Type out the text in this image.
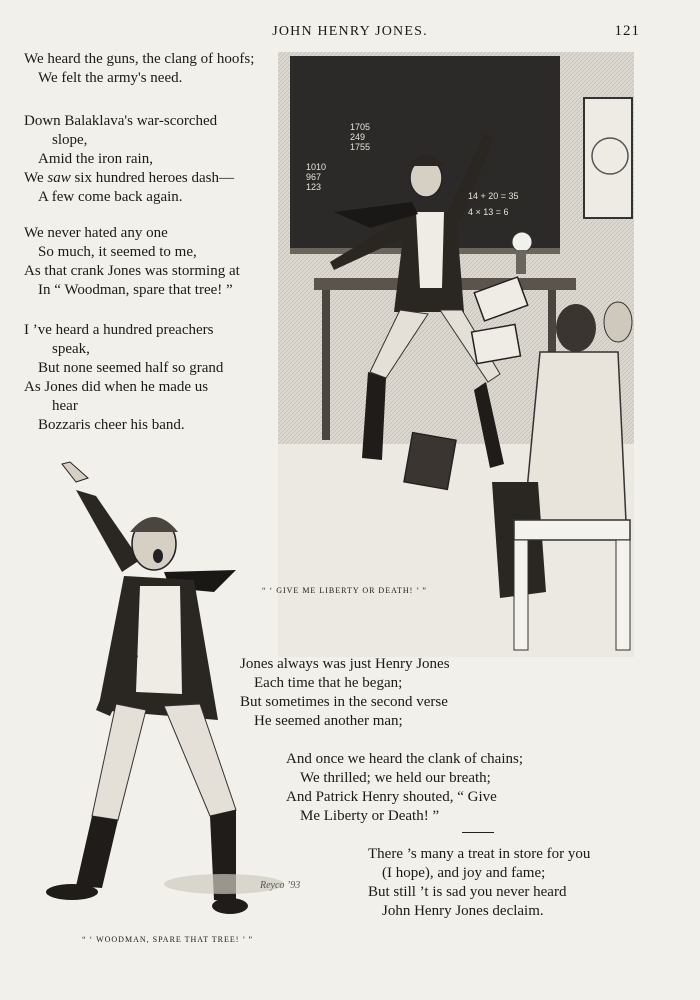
JOHN HENRY JONES.	121
We heard the guns, the clang of hoofs;
We felt the army's need.
Down Balaklava's war-scorched
slope,
Amid the iron rain,
We saw six hundred heroes dash—
A few come back again.
We never hated any one
So much, it seemed to me,
As that crank Jones was storming at
In “ Woodman, spare that tree! ”
I ’ve heard a hundred preachers
speak,
But none seemed half so grand
As Jones did when he made us
hear
Bozzaris cheer his band.
1705
249
1755
1010
967
123
14 + 20 = 35
4 × 13 = 6
“ ‘ GIVE ME LIBERTY OR DEATH! ’ ”
Reyco ’93
“ ‘ WOODMAN, SPARE THAT TREE! ’ ”
Jones always was just Henry Jones
Each time that he began;
But sometimes in the second verse
He seemed another man;
And once we heard the clank of chains;
We thrilled; we held our breath;
And Patrick Henry shouted, “ Give
Me Liberty or Death! ”
There ’s many a treat in store for you
(I hope), and joy and fame;
But still ’t is sad you never heard
John Henry Jones declaim.
